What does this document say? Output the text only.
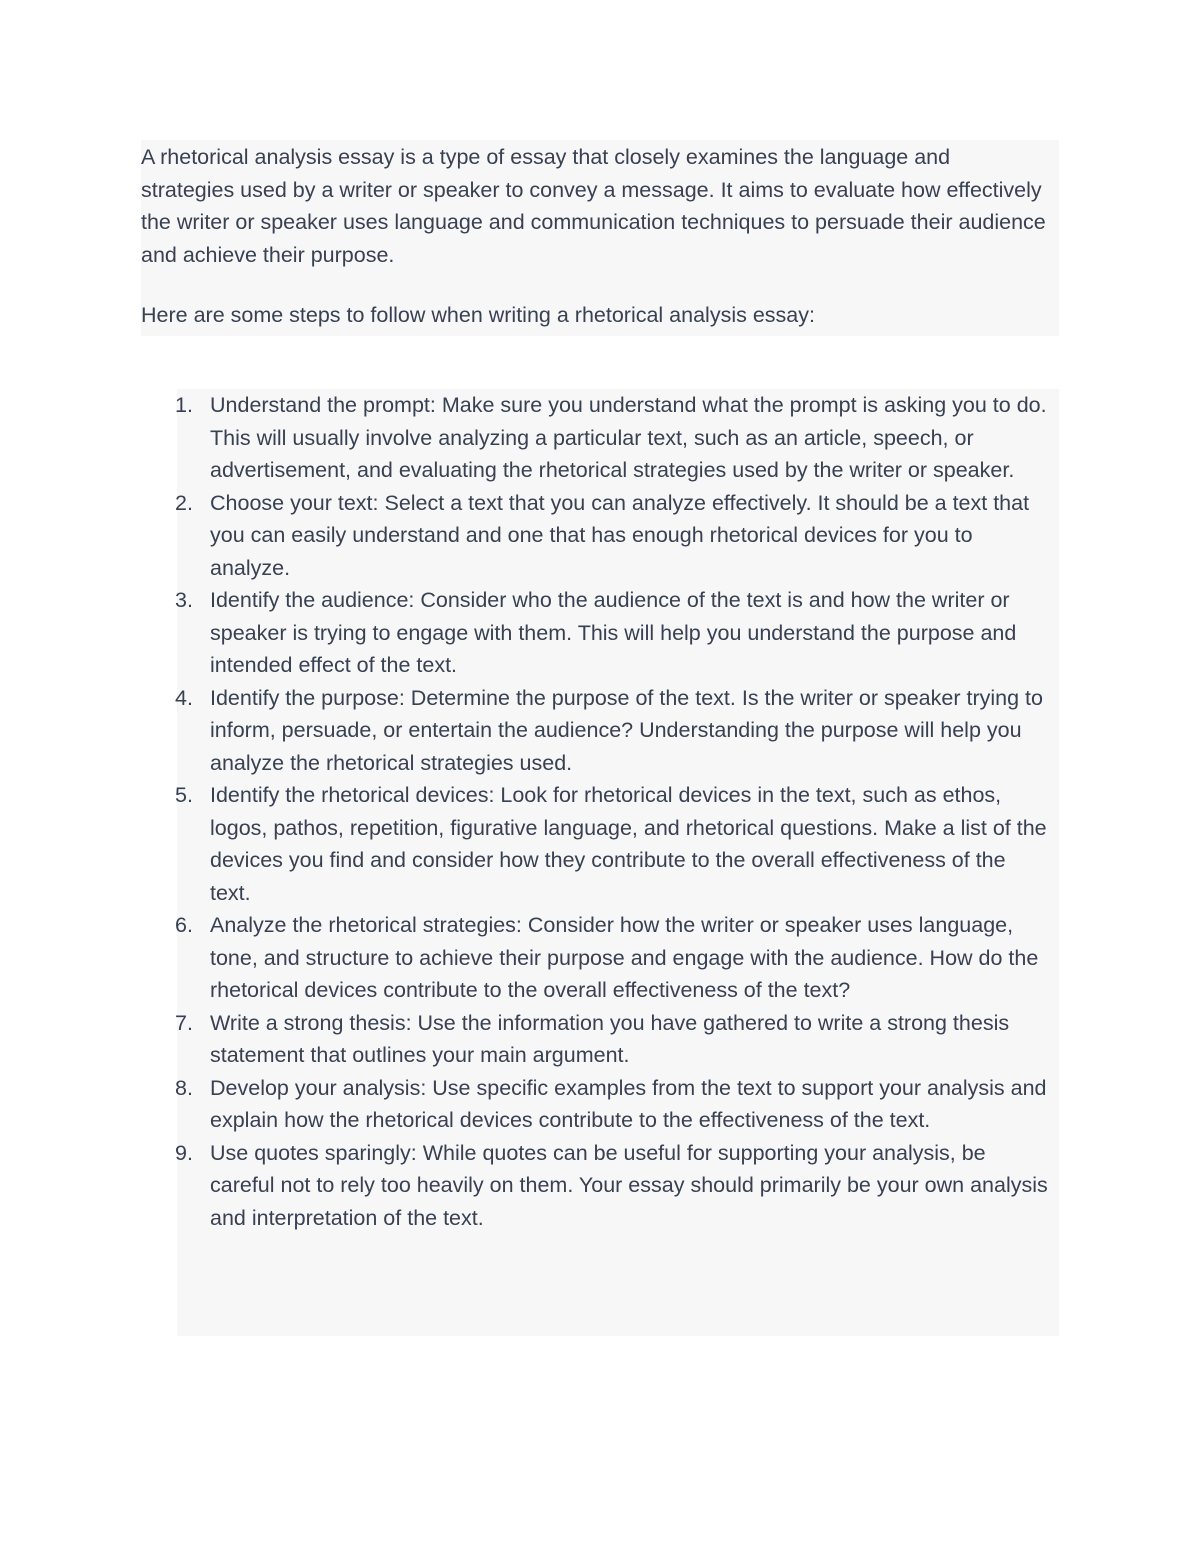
A rhetorical analysis essay is a type of essay that closely examines the language and strategies used by a writer or speaker to convey a message. It aims to evaluate how effectively the writer or speaker uses language and communication techniques to persuade their audience and achieve their purpose.

Here are some steps to follow when writing a rhetorical analysis essay:

1. Understand the prompt: Make sure you understand what the prompt is asking you to do. This will usually involve analyzing a particular text, such as an article, speech, or advertisement, and evaluating the rhetorical strategies used by the writer or speaker.
2. Choose your text: Select a text that you can analyze effectively. It should be a text that you can easily understand and one that has enough rhetorical devices for you to analyze.
3. Identify the audience: Consider who the audience of the text is and how the writer or speaker is trying to engage with them. This will help you understand the purpose and intended effect of the text.
4. Identify the purpose: Determine the purpose of the text. Is the writer or speaker trying to inform, persuade, or entertain the audience? Understanding the purpose will help you analyze the rhetorical strategies used.
5. Identify the rhetorical devices: Look for rhetorical devices in the text, such as ethos, logos, pathos, repetition, figurative language, and rhetorical questions. Make a list of the devices you find and consider how they contribute to the overall effectiveness of the text.
6. Analyze the rhetorical strategies: Consider how the writer or speaker uses language, tone, and structure to achieve their purpose and engage with the audience. How do the rhetorical devices contribute to the overall effectiveness of the text?
7. Write a strong thesis: Use the information you have gathered to write a strong thesis statement that outlines your main argument.
8. Develop your analysis: Use specific examples from the text to support your analysis and explain how the rhetorical devices contribute to the effectiveness of the text.
9. Use quotes sparingly: While quotes can be useful for supporting your analysis, be careful not to rely too heavily on them. Your essay should primarily be your own analysis and interpretation of the text.
